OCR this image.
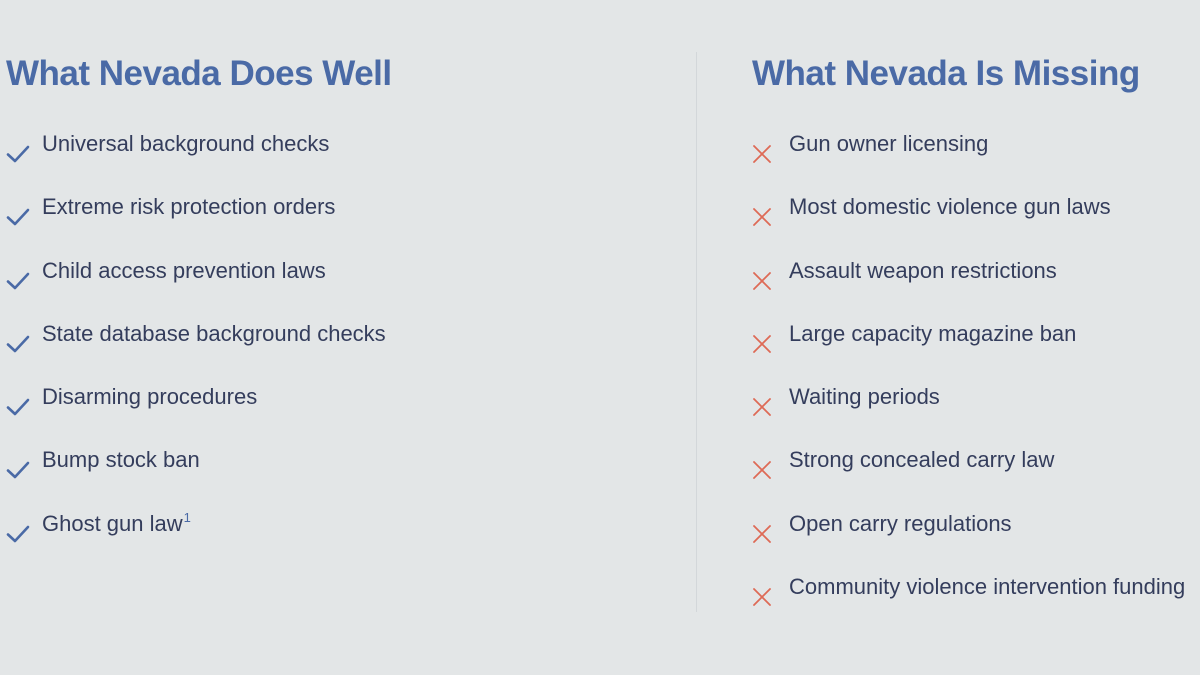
What Nevada Does Well
Universal background checks
Extreme risk protection orders
Child access prevention laws
State database background checks
Disarming procedures
Bump stock ban
Ghost gun law$^1$
What Nevada Is Missing
Gun owner licensing
Most domestic violence gun laws
Assault weapon restrictions
Large capacity magazine ban
Waiting periods
Strong concealed carry law
Open carry regulations
Community violence intervention funding
